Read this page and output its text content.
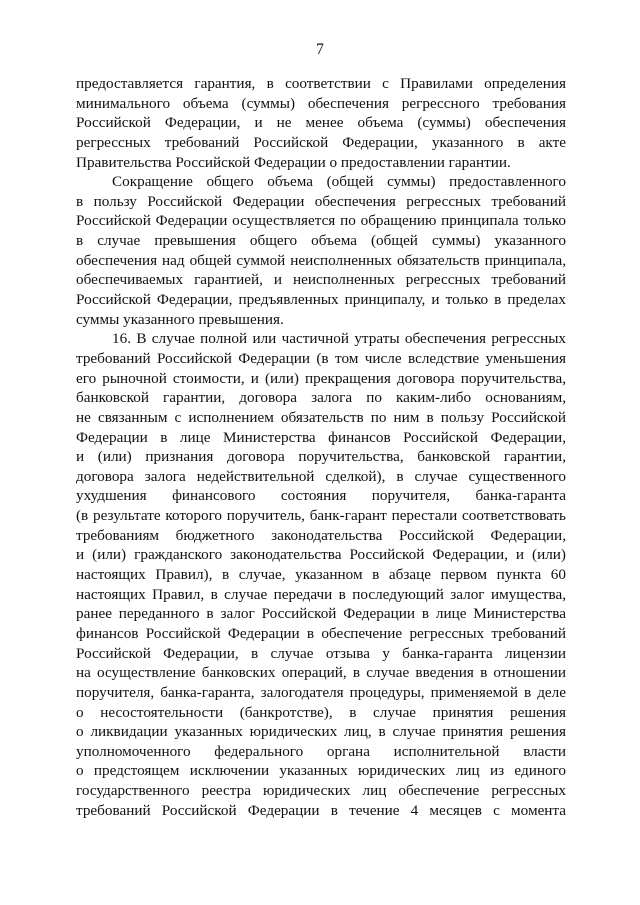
7
предоставляется гарантия, в соответствии с Правилами определения
минимального объема (суммы) обеспечения регрессного требования
Российской Федерации, и не менее объема (суммы) обеспечения
регрессных требований Российской Федерации, указанного в акте
Правительства Российской Федерации о предоставлении гарантии.
Сокращение общего объема (общей суммы) предоставленного
в пользу Российской Федерации обеспечения регрессных требований
Российской Федерации осуществляется по обращению принципала только
в случае превышения общего объема (общей суммы) указанного
обеспечения над общей суммой неисполненных обязательств принципала,
обеспечиваемых гарантией, и неисполненных регрессных требований
Российской Федерации, предъявленных принципалу, и только в пределах
суммы указанного превышения.
16. В случае полной или частичной утраты обеспечения регрессных
требований Российской Федерации (в том числе вследствие уменьшения
его рыночной стоимости, и (или) прекращения договора поручительства,
банковской гарантии, договора залога по каким-либо основаниям,
не связанным с исполнением обязательств по ним в пользу Российской
Федерации в лице Министерства финансов Российской Федерации,
и (или) признания договора поручительства, банковской гарантии,
договора залога недействительной сделкой), в случае существенного
ухудшения финансового состояния поручителя, банка-гаранта
(в результате которого поручитель, банк-гарант перестали соответствовать
требованиям бюджетного законодательства Российской Федерации,
и (или) гражданского законодательства Российской Федерации, и (или)
настоящих Правил), в случае, указанном в абзаце первом пункта 60
настоящих Правил, в случае передачи в последующий залог имущества,
ранее переданного в залог Российской Федерации в лице Министерства
финансов Российской Федерации в обеспечение регрессных требований
Российской Федерации, в случае отзыва у банка-гаранта лицензии
на осуществление банковских операций, в случае введения в отношении
поручителя, банка-гаранта, залогодателя процедуры, применяемой в деле
о несостоятельности (банкротстве), в случае принятия решения
о ликвидации указанных юридических лиц, в случае принятия решения
уполномоченного федерального органа исполнительной власти
о предстоящем исключении указанных юридических лиц из единого
государственного реестра юридических лиц обеспечение регрессных
требований Российской Федерации в течение 4 месяцев с момента
